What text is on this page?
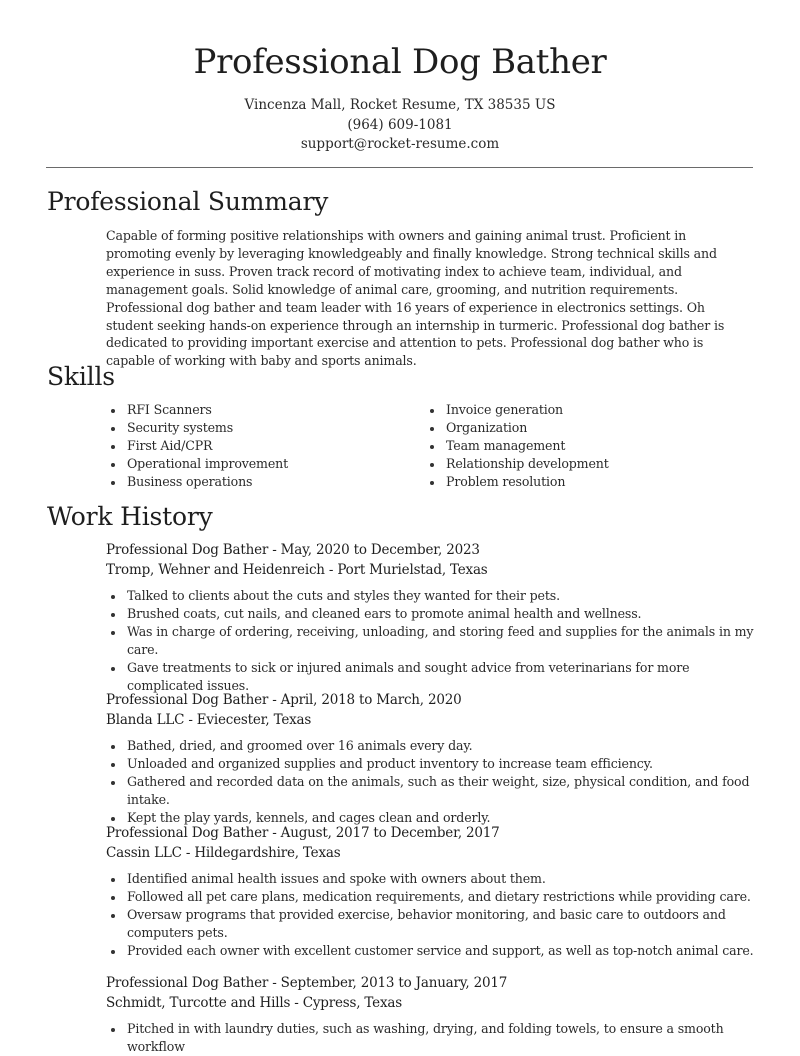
Professional Dog Bather
Vincenza Mall, Rocket Resume, TX 38535 US
(964) 609-1081
support@rocket-resume.com
Professional Summary

Capable of forming positive relationships with owners and gaining animal trust. Proficient in promoting evenly by leveraging knowledgeably and finally knowledge. Strong technical skills and experience in suss. Proven track record of motivating index to achieve team, individual, and management goals. Solid knowledge of animal care, grooming, and nutrition requirements. Professional dog bather and team leader with 16 years of experience in electronics settings. Oh student seeking hands-on experience through an internship in turmeric. Professional dog bather is dedicated to providing important exercise and attention to pets. Professional dog bather who is capable of working with baby and sports animals.

Skills
RFI Scanners
Security systems
First Aid/CPR
Operational improvement
Business operations
Invoice generation
Organization
Team management
Relationship development
Problem resolution
Work History
Professional Dog Bather - May, 2020 to December, 2023
Tromp, Wehner and Heidenreich - Port Murielstad, Texas
Talked to clients about the cuts and styles they wanted for their pets.
Brushed coats, cut nails, and cleaned ears to promote animal health and wellness.
Was in charge of ordering, receiving, unloading, and storing feed and supplies for the animals in my care.
Gave treatments to sick or injured animals and sought advice from veterinarians for more complicated issues.
Professional Dog Bather - April, 2018 to March, 2020
Blanda LLC - Eviecester, Texas
Bathed, dried, and groomed over 16 animals every day.
Unloaded and organized supplies and product inventory to increase team efficiency.
Gathered and recorded data on the animals, such as their weight, size, physical condition, and food intake.
Kept the play yards, kennels, and cages clean and orderly.
Professional Dog Bather - August, 2017 to December, 2017
Cassin LLC - Hildegardshire, Texas
Identified animal health issues and spoke with owners about them.
Followed all pet care plans, medication requirements, and dietary restrictions while providing care.
Oversaw programs that provided exercise, behavior monitoring, and basic care to outdoors and computers pets.
Provided each owner with excellent customer service and support, as well as top-notch animal care.
Professional Dog Bather - September, 2013 to January, 2017
Schmidt, Turcotte and Hills - Cypress, Texas
Pitched in with laundry duties, such as washing, drying, and folding towels, to ensure a smooth workflow
